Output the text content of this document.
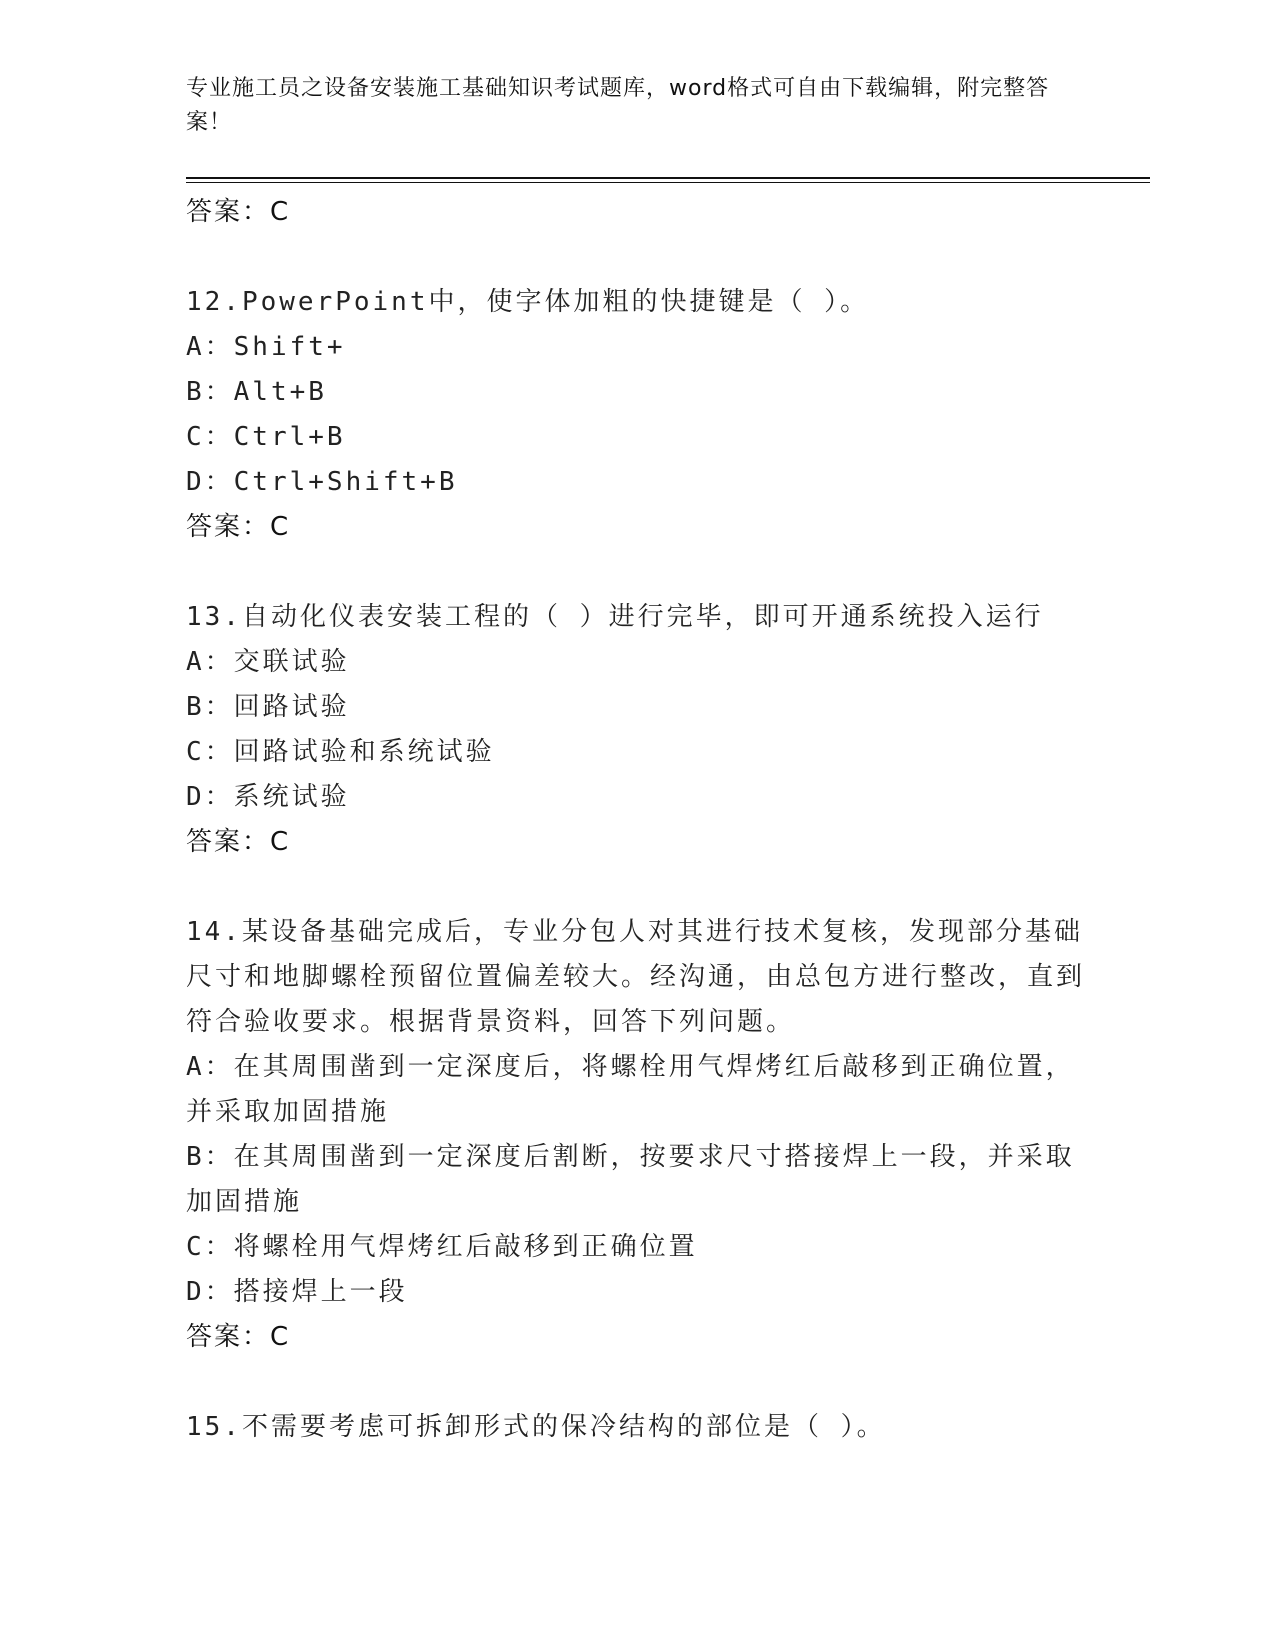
专业施工员之设备安装施工基础知识考试题库，word格式可自由下载编辑，附完整答案！
答案：C

12.PowerPoint中，使字体加粗的快捷键是（ ）。

A：Shift+

B：Alt+B

C：Ctrl+B

D：Ctrl+Shift+B

答案：C

13.自动化仪表安装工程的（ ）进行完毕，即可开通系统投入运行

A：交联试验

B：回路试验

C：回路试验和系统试验

D：系统试验

答案：C

14.某设备基础完成后，专业分包人对其进行技术复核，发现部分基础尺寸和地脚螺栓预留位置偏差较大。经沟通，由总包方进行整改，直到符合验收要求。根据背景资料，回答下列问题。

A：在其周围凿到一定深度后，将螺栓用气焊烤红后敲移到正确位置，并采取加固措施

B：在其周围凿到一定深度后割断，按要求尺寸搭接焊上一段，并采取加固措施

C：将螺栓用气焊烤红后敲移到正确位置

D：搭接焊上一段

答案：C

15.不需要考虑可拆卸形式的保冷结构的部位是（ ）。
